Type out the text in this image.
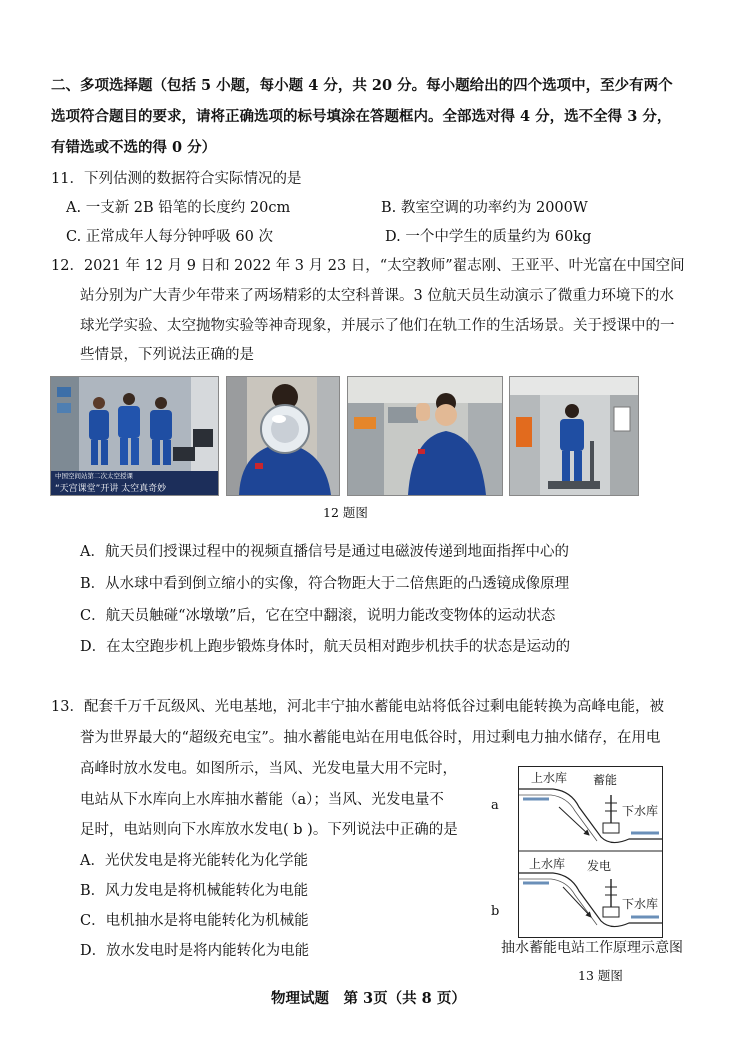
二、多项选择题（包括 5 小题，每小题 4 分，共 20 分。每小题给出的四个选项中，至少有两个
选项符合题目的要求，请将正确选项的标号填涂在答题框内。全部选对得 4 分，选不全得 3 分，
有错选或不选的得 0 分）
11．下列估测的数据符合实际情况的是
A. 一支新 2B 铅笔的长度约 20cm	B. 教室空调的功率约为 2000W
C. 正常成年人每分钟呼吸 60 次	D. 一个中学生的质量约为 60kg
12．2021 年 12 月 9 日和 2022 年 3 月 23 日，“太空教师”翟志刚、王亚平、叶光富在中国空间
站分别为广大青少年带来了两场精彩的太空科普课。3 位航天员生动演示了微重力环境下的水
球光学实验、太空抛物实验等神奇现象，并展示了他们在轨工作的生活场景。关于授课中的一
些情景，下列说法正确的是
中国空间站第二次太空授课
“天宫课堂”开讲 太空真奇妙
12 题图
A．航天员们授课过程中的视频直播信号是通过电磁波传递到地面指挥中心的
B．从水球中看到倒立缩小的实像，符合物距大于二倍焦距的凸透镜成像原理
C．航天员触碰“冰墩墩”后，它在空中翻滚，说明力能改变物体的运动状态
D．在太空跑步机上跑步锻炼身体时，航天员相对跑步机扶手的状态是运动的
13．配套千万千瓦级风、光电基地，河北丰宁抽水蓄能电站将低谷过剩电能转换为高峰电能，被
誉为世界最大的“超级充电宝”。抽水蓄能电站在用电低谷时，用过剩电力抽水储存，在用电
高峰时放水发电。如图所示，当风、光发电量大用不完时，
电站从下水库向上水库抽水蓄能（a）；当风、光发电量不
足时，电站则向下水库放水发电( b )。下列说法中正确的是
A．光伏发电是将光能转化为化学能
B．风力发电是将机械能转化为电能
C．电机抽水是将电能转化为机械能
D．放水发电时是将内能转化为电能
a
b
上水库 蓄能
下水库
上水库 发电
下水库
抽水蓄能电站工作原理示意图
13 题图
物理试题　第 3页（共 8 页）
